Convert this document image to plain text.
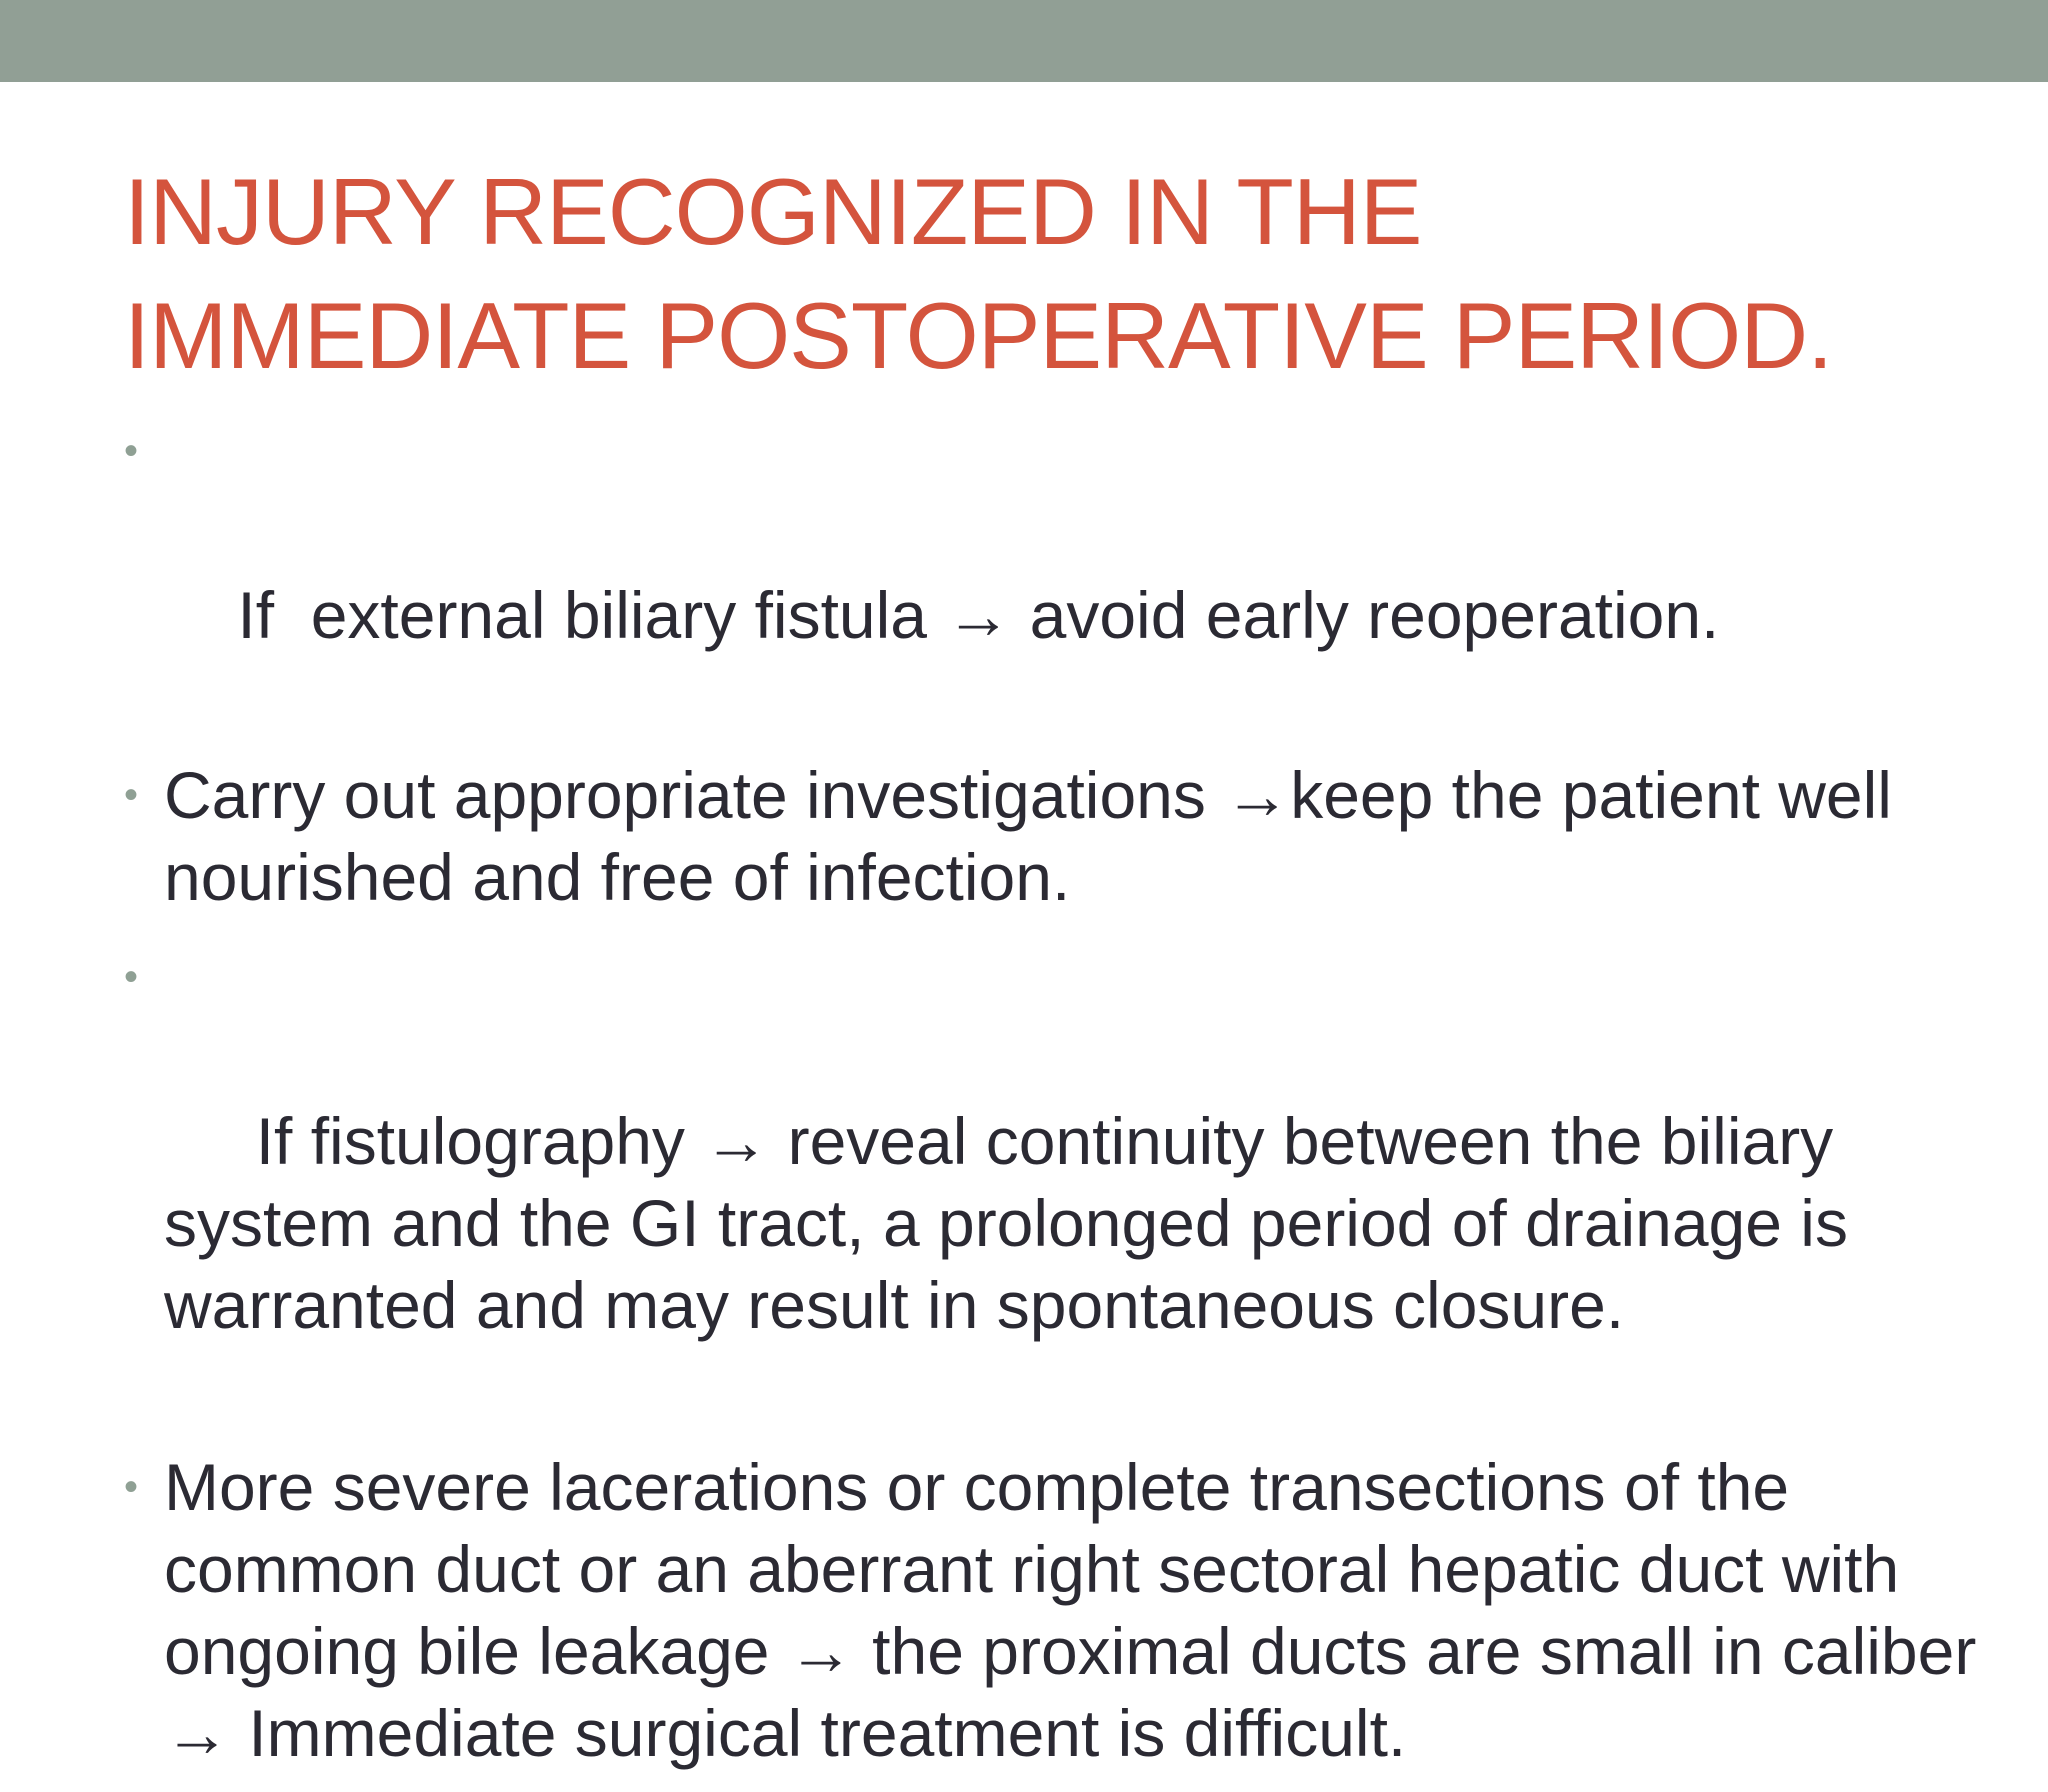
INJURY RECOGNIZED IN THE
IMMEDIATE POSTOPERATIVE PERIOD.

•

If  external biliary fistula → avoid early reoperation.

• Carry out appropriate investigations →keep the patient well nourished and free of infection.

•

If fistulography → reveal continuity between the biliary system and the GI tract, a prolonged period of drainage is warranted and may result in spontaneous closure.

• More severe lacerations or complete transections of the common duct or an aberrant right sectoral hepatic duct with ongoing bile leakage → the proximal ducts are small in caliber → Immediate surgical treatment is difficult.
